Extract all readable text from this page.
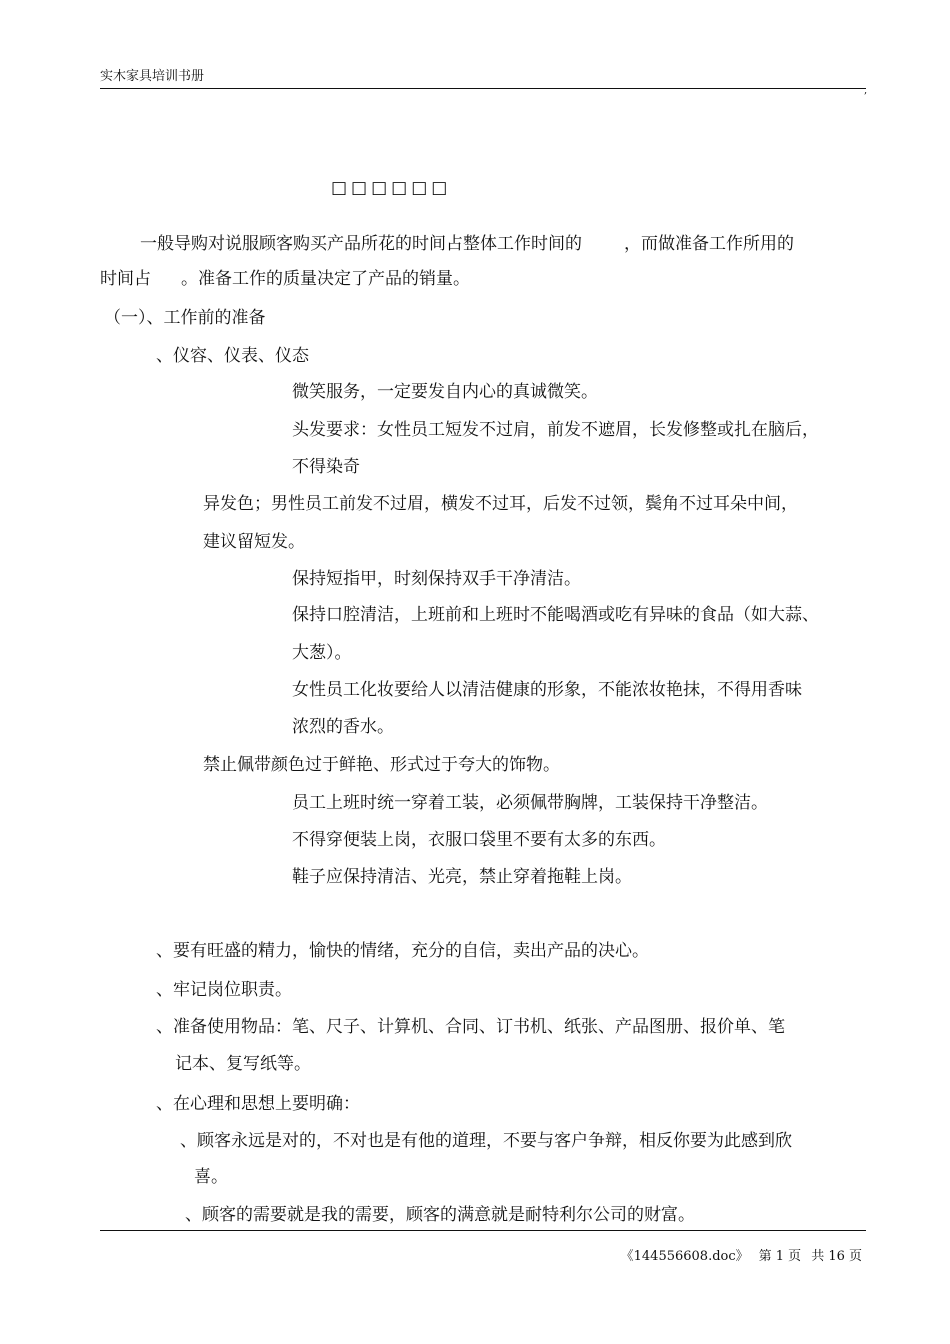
实木家具培训书册
,
□□□□□□
一般导购对说服顾客购买产品所花的时间占整体工作时间的 ，而做准备工作所用的
时间占 。准备工作的质量决定了产品的销量。
（一）、工作前的准备
、仪容、仪表、仪态
微笑服务，一定要发自内心的真诚微笑。
头发要求：女性员工短发不过肩，前发不遮眉，长发修整或扎在脑后，
不得染奇
异发色；男性员工前发不过眉，横发不过耳，后发不过领，鬓角不过耳朵中间，
建议留短发。
保持短指甲，时刻保持双手干净清洁。
保持口腔清洁，上班前和上班时不能喝酒或吃有异味的食品（如大蒜、
大葱）。
女性员工化妆要给人以清洁健康的形象，不能浓妆艳抹，不得用香味
浓烈的香水。
禁止佩带颜色过于鲜艳、形式过于夸大的饰物。
员工上班时统一穿着工装，必须佩带胸牌，工装保持干净整洁。
不得穿便装上岗，衣服口袋里不要有太多的东西。
鞋子应保持清洁、光亮，禁止穿着拖鞋上岗。
、要有旺盛的精力，愉快的情绪，充分的自信，卖出产品的决心。
、牢记岗位职责。
、准备使用物品：笔、尺子、计算机、合同、订书机、纸张、产品图册、报价单、笔
记本、复写纸等。
、在心理和思想上要明确：
、顾客永远是对的，不对也是有他的道理，不要与客户争辩，相反你要为此感到欣
喜。
、顾客的需要就是我的需要，顾客的满意就是耐特利尔公司的财富。
《144556608.doc》 第 1 页 共 16 页
